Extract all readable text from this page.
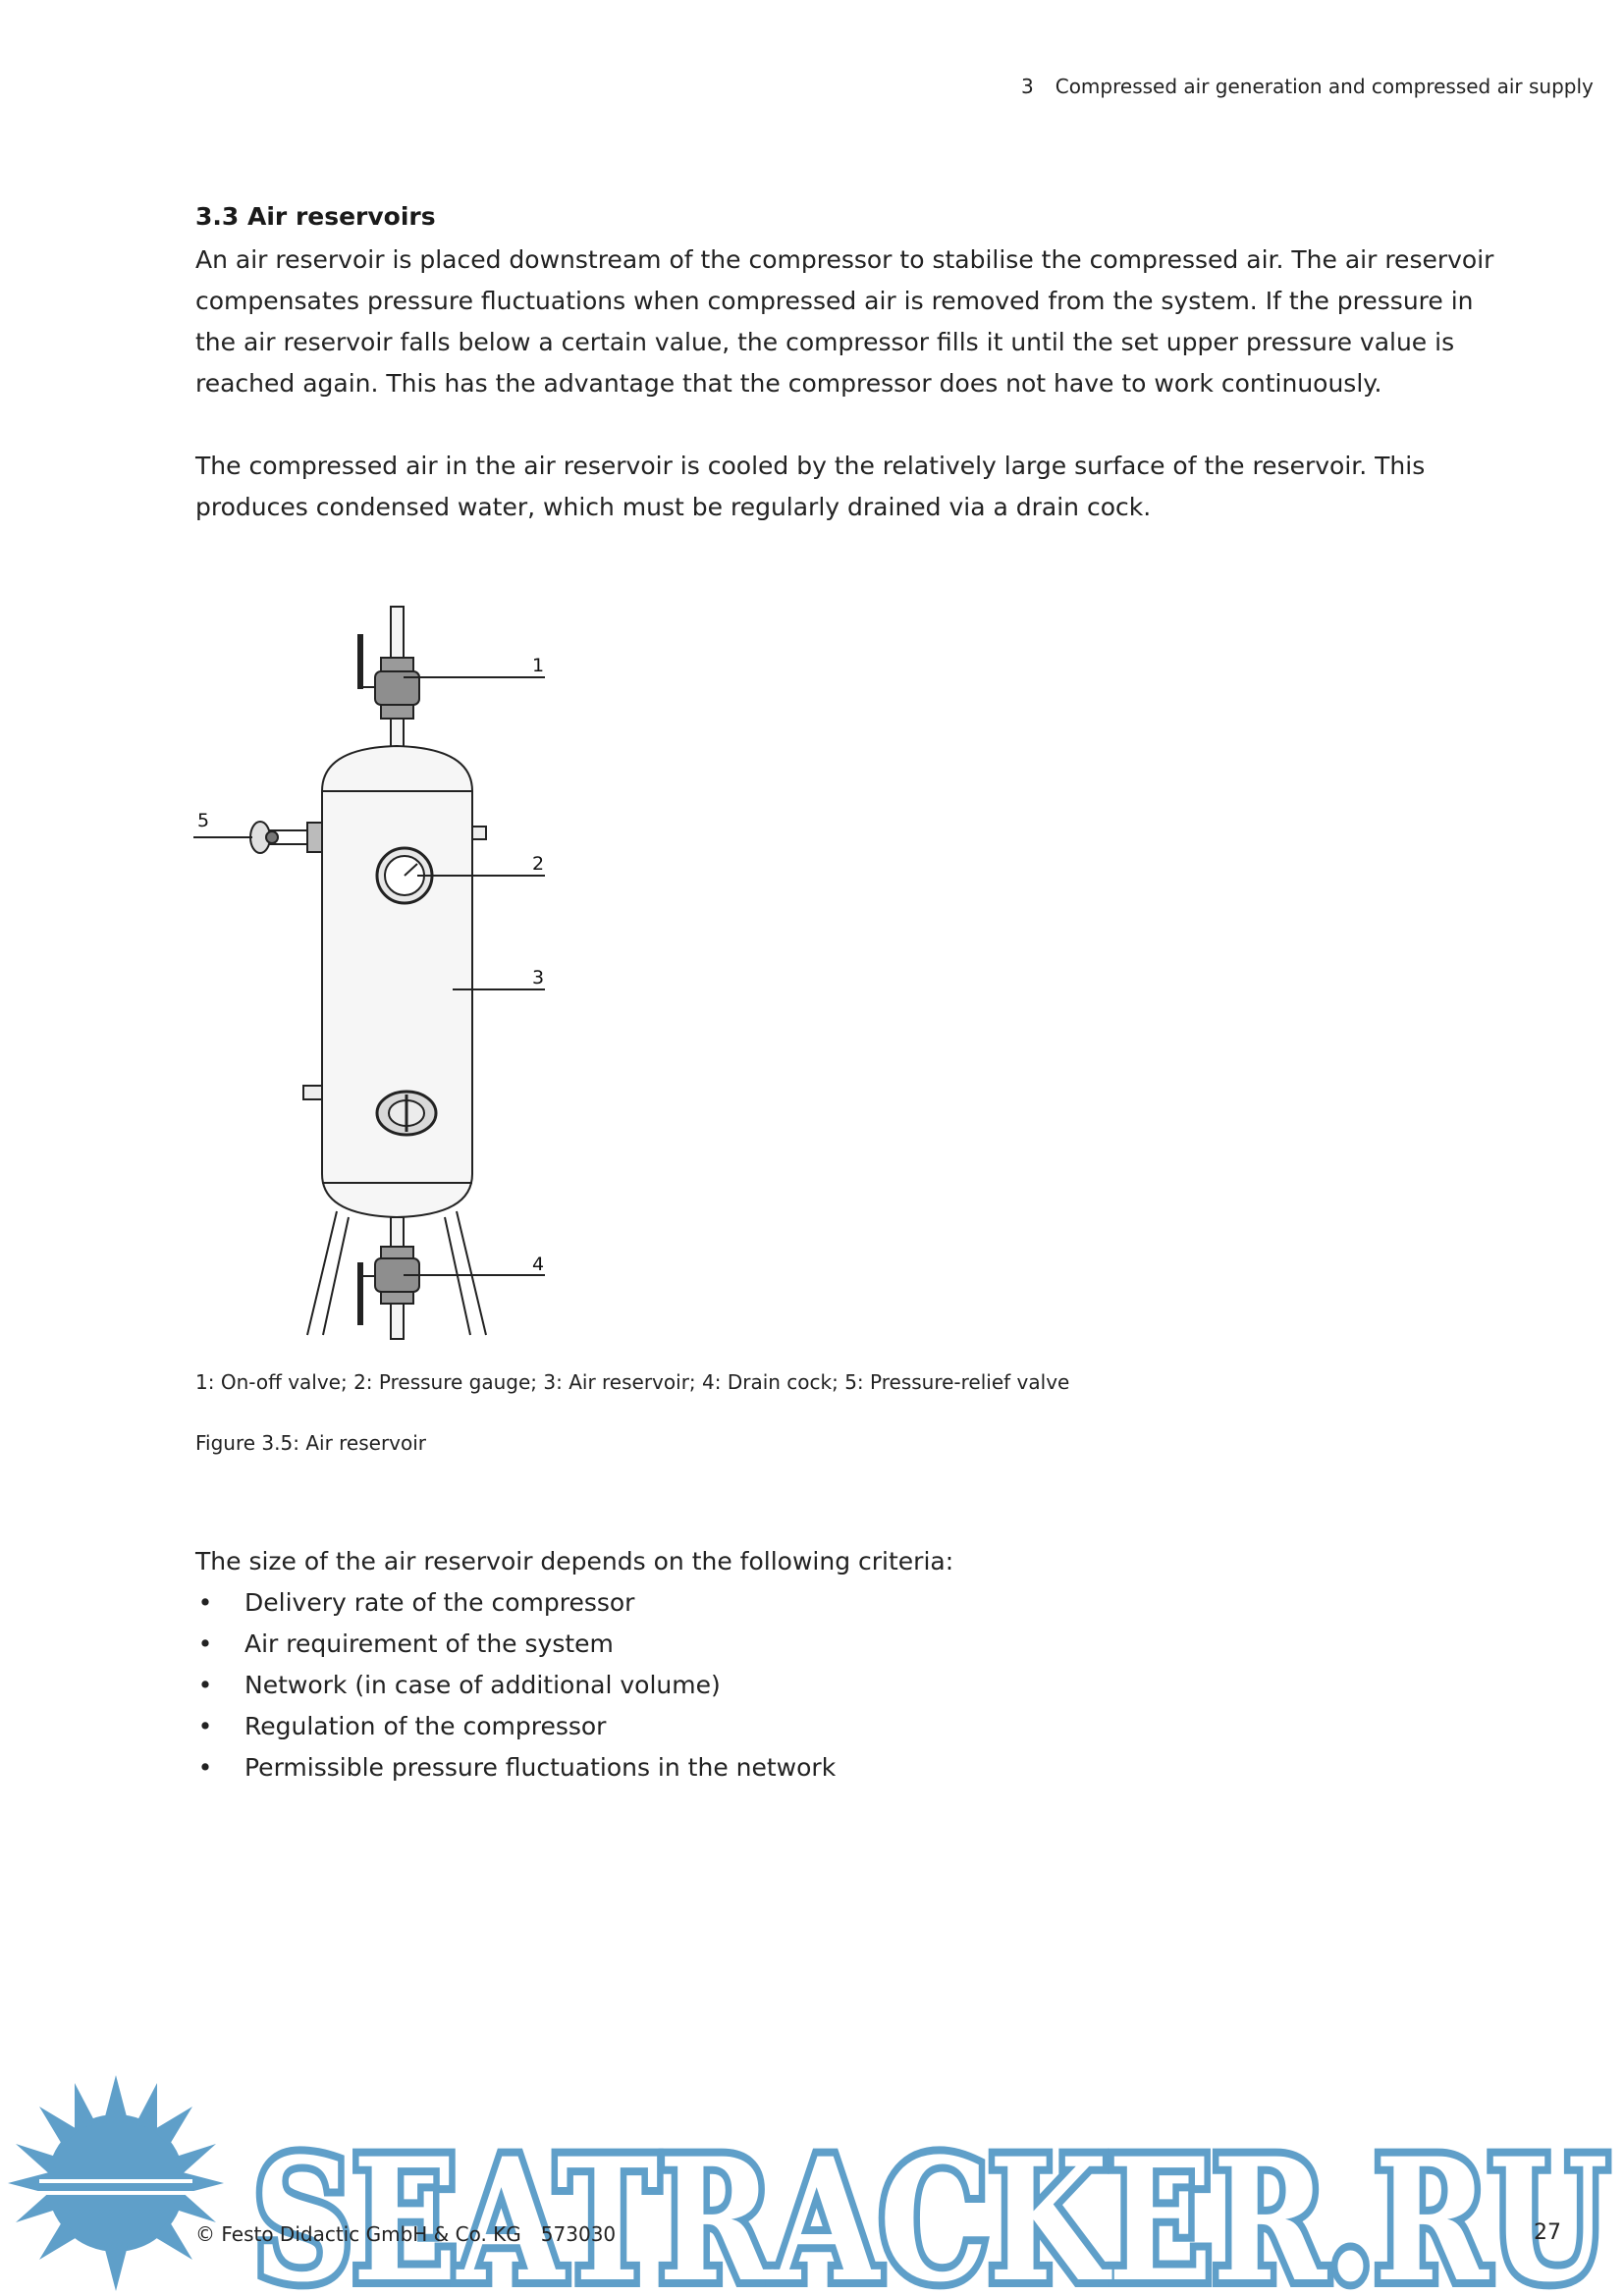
3 Compressed air generation and compressed air supply
3.3 Air reservoirs

An air reservoir is placed downstream of the compressor to stabilise the compressed air. The air reservoir compensates pressure fluctuations when compressed air is removed from the system. If the pressure in the air reservoir falls below a certain value, the compressor fills it until the set upper pressure value is reached again. This has the advantage that the compressor does not have to work continuously.

The compressed air in the air reservoir is cooled by the relatively large surface of the reservoir. This produces condensed water, which must be regularly drained via a drain cock.

1
2
3
4
5
1: On-off valve; 2: Pressure gauge; 3: Air reservoir; 4: Drain cock; 5: Pressure-relief valve
Figure 3.5: Air reservoir

The size of the air reservoir depends on the following criteria:

• Delivery rate of the compressor
• Air requirement of the system
• Network (in case of additional volume)
• Regulation of the compressor
• Permissible pressure fluctuations in the network
SEATRACKER.RU
© Festo Didactic GmbH & Co. KG 573030	27
